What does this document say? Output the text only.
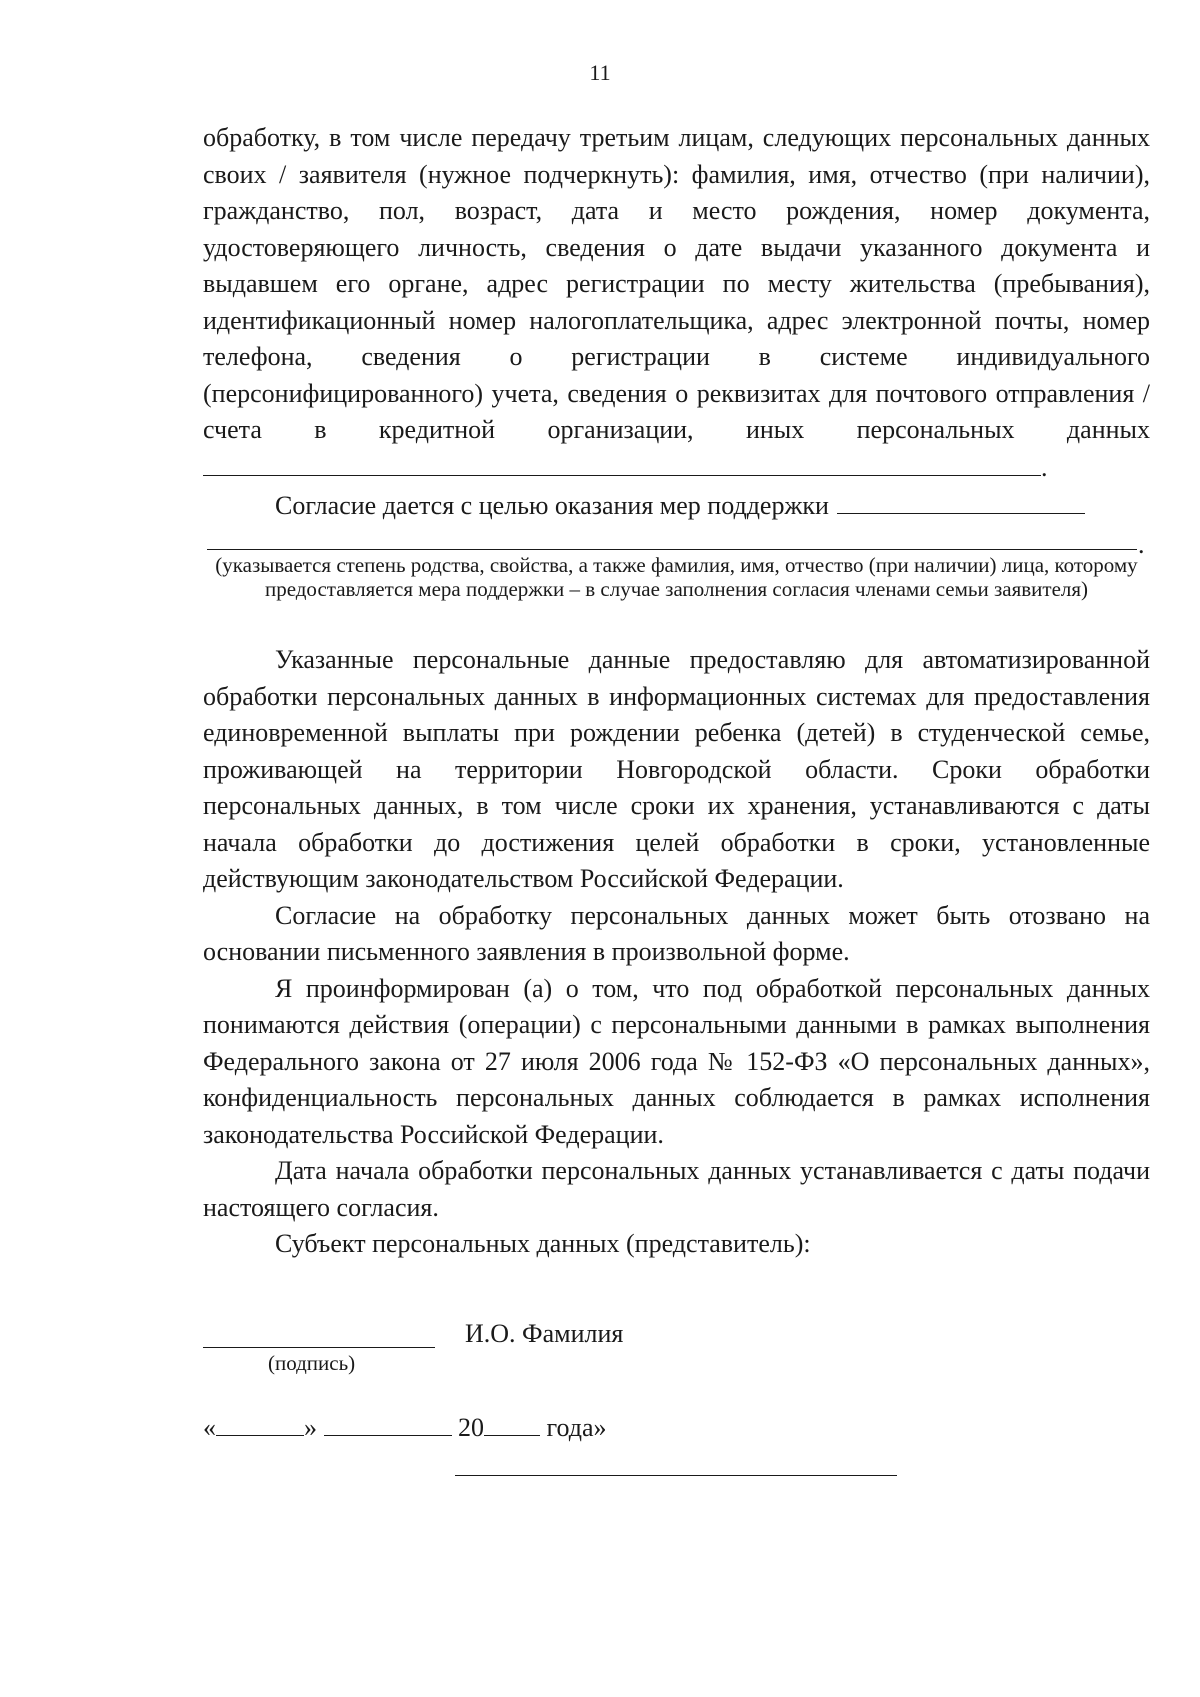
11
обработку, в том числе передачу третьим лицам, следующих персональных данных своих / заявителя (нужное подчеркнуть): фамилия, имя, отчество (при наличии), гражданство, пол, возраст, дата и место рождения, номер документа, удостоверяющего личность, сведения о дате выдачи указанного документа и выдавшем его органе, адрес регистрации по месту жительства (пребывания), идентификационный номер налогоплательщика, адрес электронной почты, номер телефона, сведения о регистрации в системе индивидуального (персонифицированного) учета, сведения о реквизитах для почтового отправления / счета в кредитной организации, иных персональных данных.
Согласие дается с целью оказания мер поддержки
.
(указывается степень родства, свойства, а также фамилия, имя, отчество (при наличии) лица, которому предоставляется мера поддержки – в случае заполнения согласия членами семьи заявителя)

Указанные персональные данные предоставляю для автоматизированной обработки персональных данных в информационных системах для предоставления единовременной выплаты при рождении ребенка (детей) в студенческой семье, проживающей на территории Новгородской области. Сроки обработки персональных данных, в том числе сроки их хранения, устанавливаются с даты начала обработки до достижения целей обработки в сроки, установленные действующим законодательством Российской Федерации.

Согласие на обработку персональных данных может быть отозвано на основании письменного заявления в произвольной форме.

Я проинформирован (а) о том, что под обработкой персональных данных понимаются действия (операции) с персональными данными в рамках выполнения Федерального закона от 27 июля 2006 года № 152-ФЗ «О персональных данных», конфиденциальность персональных данных соблюдается в рамках исполнения законодательства Российской Федерации.

Дата начала обработки персональных данных устанавливается с даты подачи настоящего согласия.

Субъект персональных данных (представитель):

И.О. Фамилия
(подпись)
«	»	20 года»
